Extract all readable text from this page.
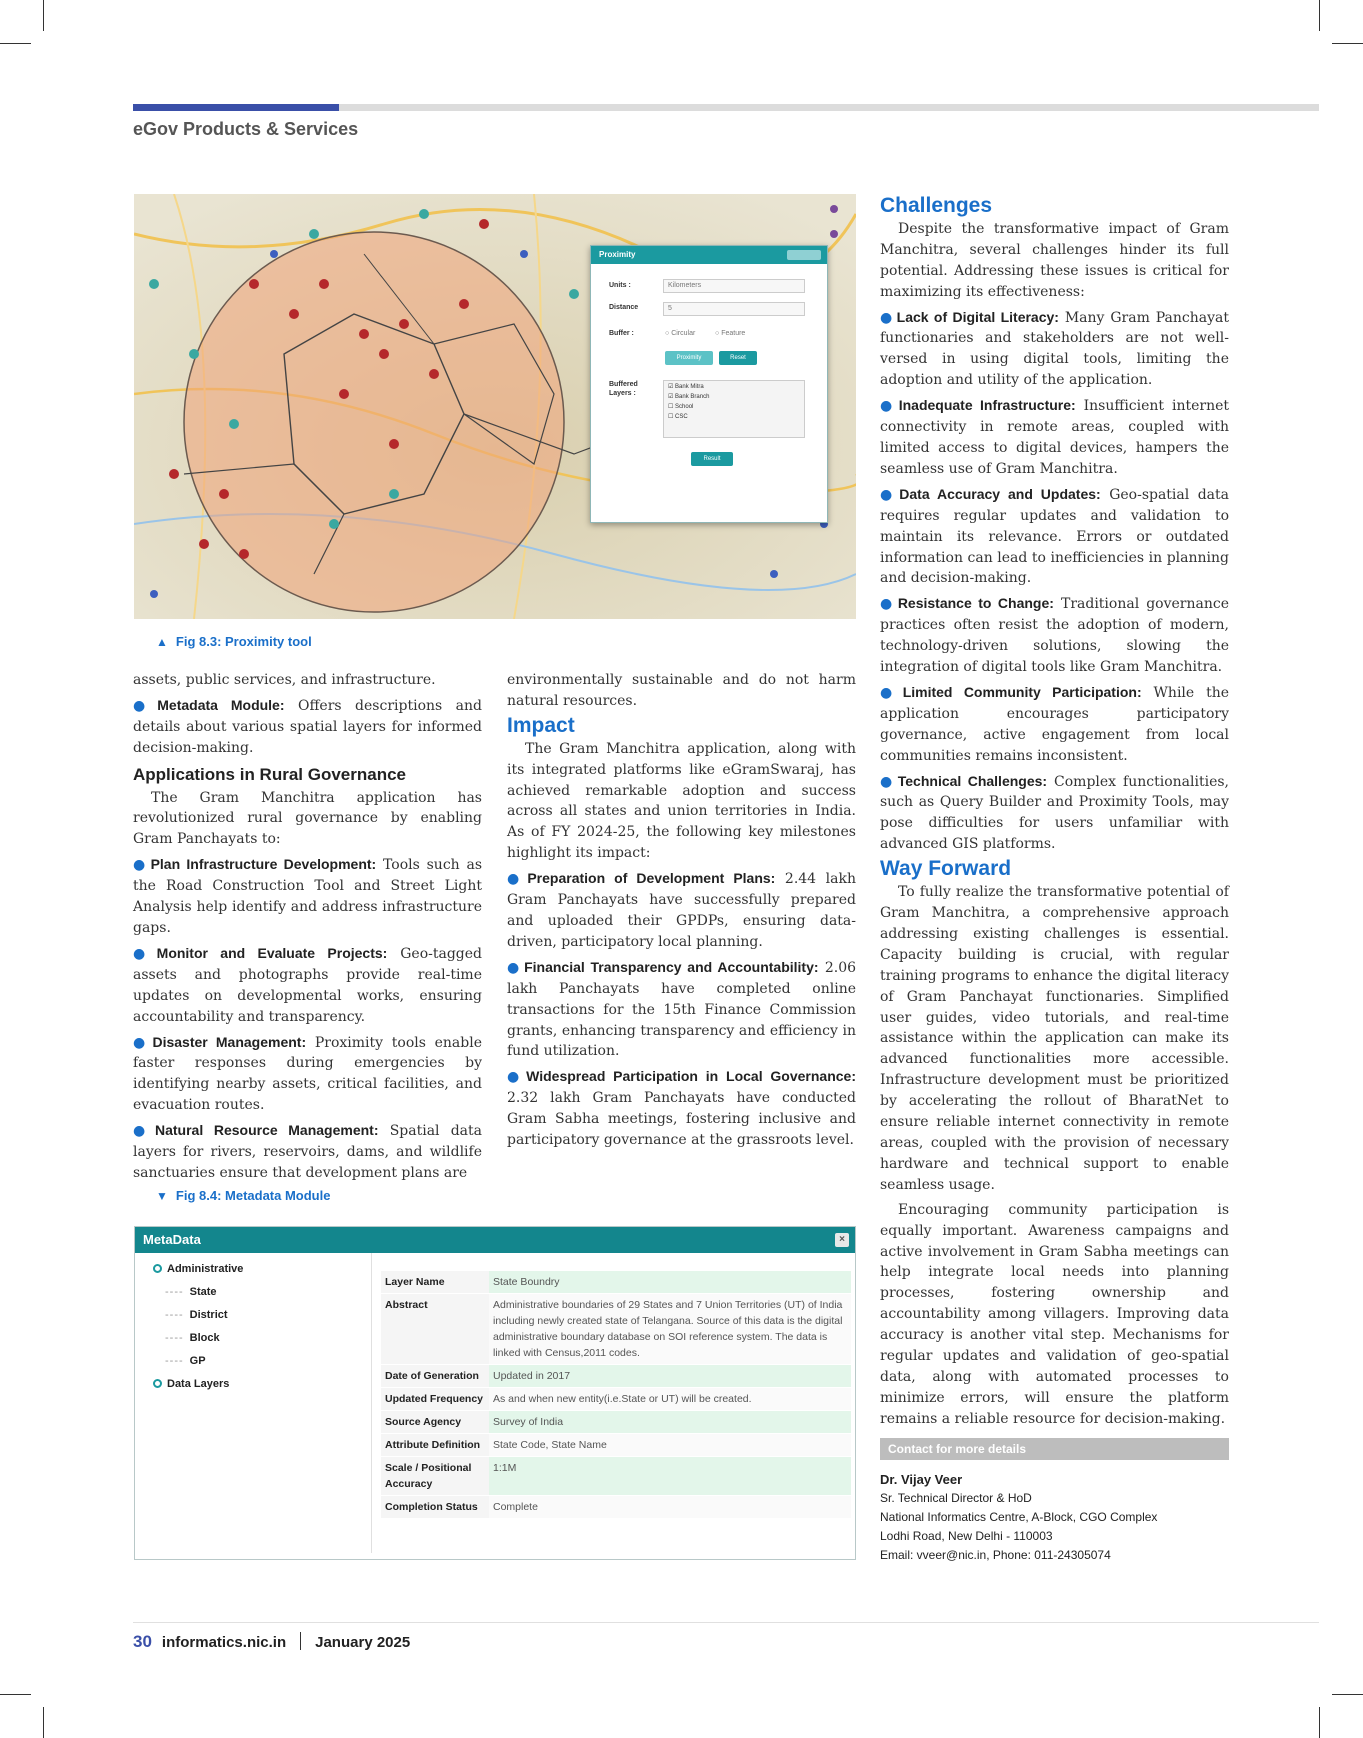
eGov Products & Services
Proximity
Units :	Kilometers
Distance	5
Buffer :	○ Circular	○ Feature
Proximity	Reset
Buffered Layers :
☑ Bank Mitra
☑ Bank Branch
☐ School
☐ CSC
Result
▲ Fig 8.3: Proximity tool

assets, public services, and infrastructure.

● Metadata Module: Offers descriptions and details about various spatial layers for informed decision-making.

Applications in Rural Governance

The Gram Manchitra application has revolutionized rural governance by enabling Gram Panchayats to:

● Plan Infrastructure Development: Tools such as the Road Construction Tool and Street Light Analysis help identify and address infrastructure gaps.

● Monitor and Evaluate Projects: Geo-tagged assets and photographs provide real-time updates on developmental works, ensuring accountability and transparency.

● Disaster Management: Proximity tools enable faster responses during emergencies by identifying nearby assets, critical facilities, and evacuation routes.

● Natural Resource Management: Spatial data layers for rivers, reservoirs, dams, and wildlife sanctuaries ensure that development plans are

environmentally sustainable and do not harm natural resources.

Impact

The Gram Manchitra application, along with its integrated platforms like eGramSwaraj, has achieved remarkable adoption and success across all states and union territories in India. As of FY 2024-25, the following key milestones highlight its impact:

● Preparation of Development Plans: 2.44 lakh Gram Panchayats have successfully prepared and uploaded their GPDPs, ensuring data-driven, participatory local planning.

● Financial Transparency and Accountability: 2.06 lakh Panchayats have completed online transactions for the 15th Finance Commission grants, enhancing transparency and efficiency in fund utilization.

● Widespread Participation in Local Governance: 2.32 lakh Gram Panchayats have conducted Gram Sabha meetings, fostering inclusive and participatory governance at the grassroots level.

Challenges

Despite the transformative impact of Gram Manchitra, several challenges hinder its full potential. Addressing these issues is critical for maximizing its effectiveness:

● Lack of Digital Literacy: Many Gram Panchayat functionaries and stakeholders are not well-versed in using digital tools, limiting the adoption and utility of the application.

● Inadequate Infrastructure: Insufficient internet connectivity in remote areas, coupled with limited access to digital devices, hampers the seamless use of Gram Manchitra.

● Data Accuracy and Updates: Geo-spatial data requires regular updates and validation to maintain its relevance. Errors or outdated information can lead to inefficiencies in planning and decision-making.

● Resistance to Change: Traditional governance practices often resist the adoption of modern, technology-driven solutions, slowing the integration of digital tools like Gram Manchitra.

● Limited Community Participation: While the application encourages participatory governance, active engagement from local communities remains inconsistent.

● Technical Challenges: Complex functionalities, such as Query Builder and Proximity Tools, may pose difficulties for users unfamiliar with advanced GIS platforms.

Way Forward

To fully realize the transformative potential of Gram Manchitra, a comprehensive approach addressing existing challenges is essential. Capacity building is crucial, with regular training programs to enhance the digital literacy of Gram Panchayat functionaries. Simplified user guides, video tutorials, and real-time assistance within the application can make its advanced functionalities more accessible. Infrastructure development must be prioritized by accelerating the rollout of BharatNet to ensure reliable internet connectivity in remote areas, coupled with the provision of necessary hardware and technical support to enable seamless usage.

Encouraging community participation is equally important. Awareness campaigns and active involvement in Gram Sabha meetings can help integrate local needs into planning processes, fostering ownership and accountability among villagers. Improving data accuracy is another vital step. Mechanisms for regular updates and validation of geo-spatial data, along with automated processes to minimize errors, will ensure the platform remains a reliable resource for decision-making.

▼ Fig 8.4: Metadata Module
MetaData	×
Administrative
---- State
---- District
---- Block
---- GP
Data Layers
Layer Name	State Boundry
Abstract	Administrative boundaries of 29 States and 7 Union Territories (UT) of India including newly created state of Telangana. Source of this data is the digital administrative boundary database on SOI reference system. The data is linked with Census,2011 codes.
Date of Generation	Updated in 2017
Updated Frequency	As and when new entity(i.e.State or UT) will be created.
Source Agency	Survey of India
Attribute Definition	State Code, State Name
Scale / Positional Accuracy	1:1M
Completion Status	Complete
Contact for more details
Dr. Vijay Veer
Sr. Technical Director & HoD
National Informatics Centre, A-Block, CGO Complex
Lodhi Road, New Delhi - 110003
Email: vveer@nic.in, Phone: 011-24305074
30 informatics.nic.in January 2025
